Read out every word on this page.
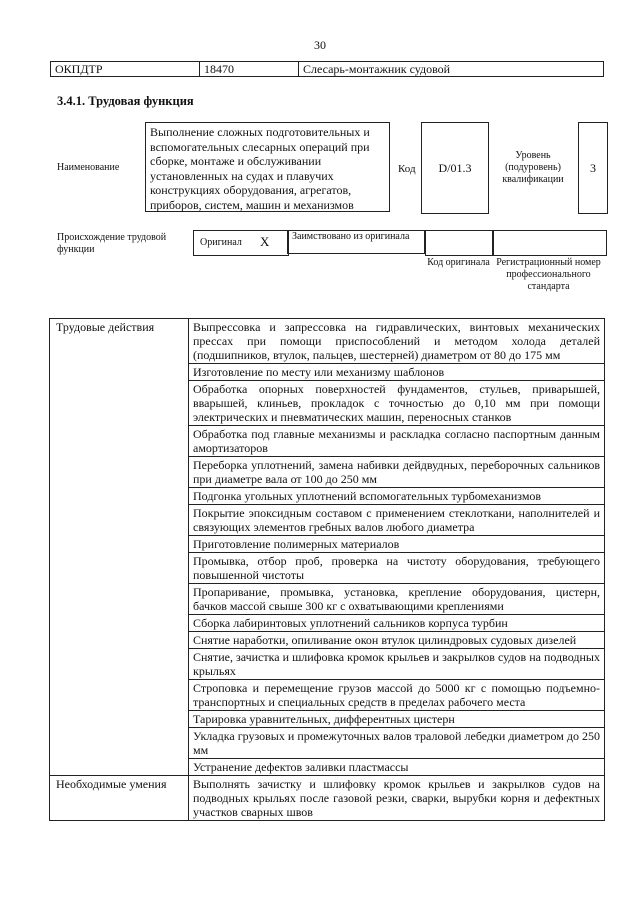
30
ОКПДТР	18470	Слесарь-монтажник судовой
3.4.1. Трудовая функция
Наименование
Выполнение сложных подготовительных и вспомогательных слесарных операций при сборке, монтаже и обслуживании установленных на судах и плавучих конструкциях оборудования, агрегатов, приборов, систем, машин и механизмов
Код	D/01.3
Уровень (подуровень) квалификации
3
Происхождение трудовой функции
Оригинал X	Заимствовано из оригинала
Код оригинала Регистрационный номер профессионального стандарта
Трудовые действия	Выпрессовка и запрессовка на гидравлических, винтовых механических прессах при помощи приспособлений и методом холода деталей (подшипников, втулок, пальцев, шестерней) диаметром от 80 до 175 мм
	Изготовление по месту или механизму шаблонов
	Обработка опорных поверхностей фундаментов, стульев, приварышей, вварышей, клиньев, прокладок с точностью до 0,10 мм при помощи электрических и пневматических машин, переносных станков
	Обработка под главные механизмы и раскладка согласно паспортным данным амортизаторов
	Переборка уплотнений, замена набивки дейдвудных, переборочных сальников при диаметре вала от 100 до 250 мм
	Подгонка угольных уплотнений вспомогательных турбомеханизмов
	Покрытие эпоксидным составом с применением стеклоткани, наполнителей и связующих элементов гребных валов любого диаметра
	Приготовление полимерных материалов
	Промывка, отбор проб, проверка на чистоту оборудования, требующего повышенной чистоты
	Пропаривание, промывка, установка, крепление оборудования, цистерн, бачков массой свыше 300 кг с охватывающими креплениями
	Сборка лабиринтовых уплотнений сальников корпуса турбин
	Снятие наработки, опиливание окон втулок цилиндровых судовых дизелей
	Снятие, зачистка и шлифовка кромок крыльев и закрылков судов на подводных крыльях
	Строповка и перемещение грузов массой до 5000 кг с помощью подъемно-транспортных и специальных средств в пределах рабочего места
	Тарировка уравнительных, дифферентных цистерн
	Укладка грузовых и промежуточных валов траловой лебедки диаметром до 250 мм
	Устранение дефектов заливки пластмассы
Необходимые умения	Выполнять зачистку и шлифовку кромок крыльев и закрылков судов на подводных крыльях после газовой резки, сварки, вырубки корня и дефектных участков сварных швов
